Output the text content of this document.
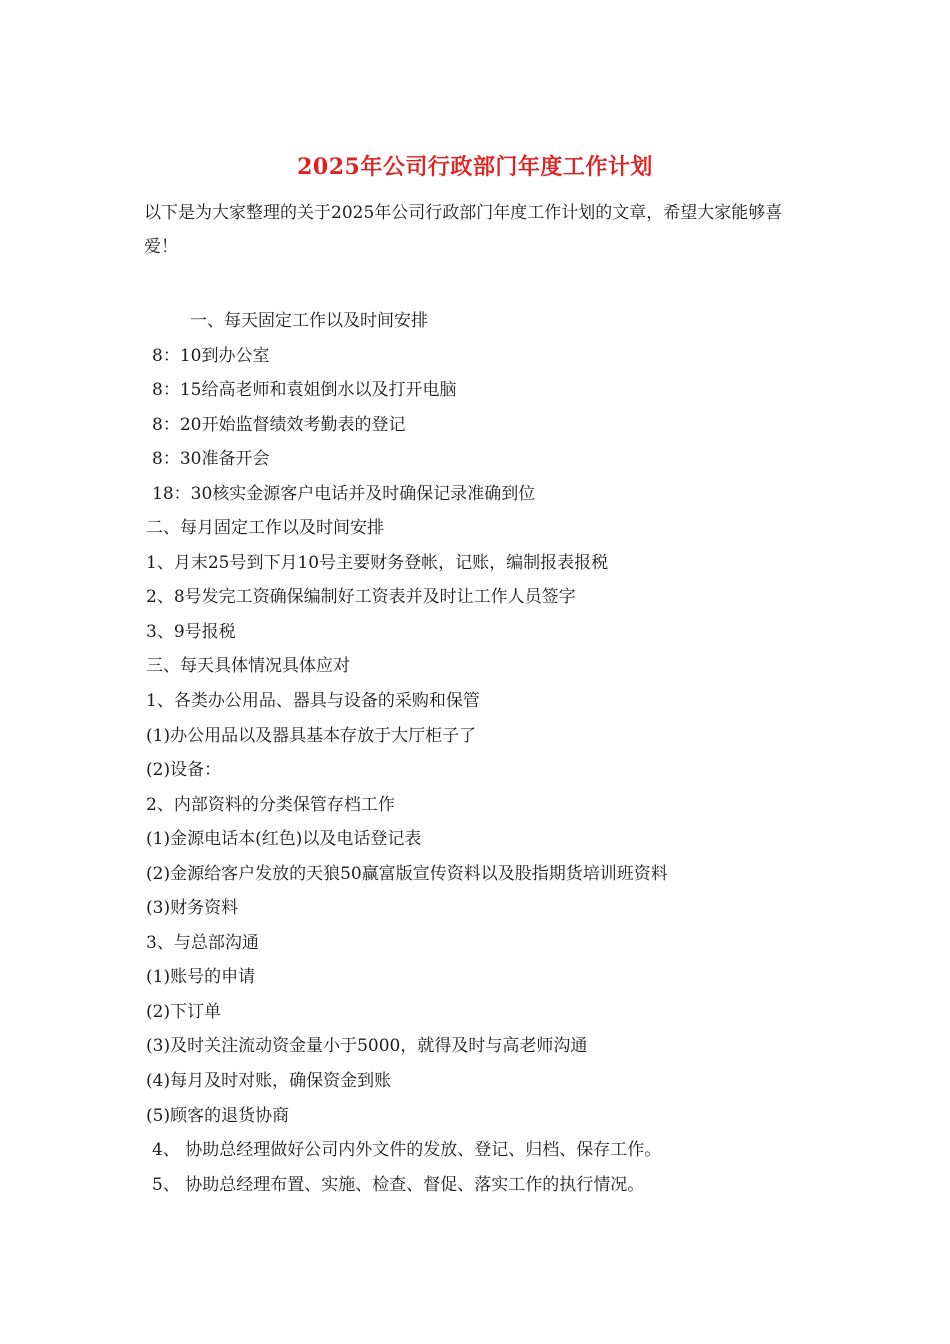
2025年公司行政部门年度工作计划
以下是为大家整理的关于2025年公司行政部门年度工作计划的文章，希望大家能够喜爱！
一、每天固定工作以及时间安排
8：10到办公室
8：15给高老师和袁姐倒水以及打开电脑
8：20开始监督绩效考勤表的登记
8：30准备开会
18：30核实金源客户电话并及时确保记录准确到位
二、每月固定工作以及时间安排
1、月末25号到下月10号主要财务登帐，记账，编制报表报税
2、8号发完工资确保编制好工资表并及时让工作人员签字
3、9号报税
三、每天具体情况具体应对
1、各类办公用品、器具与设备的采购和保管
(1)办公用品以及器具基本存放于大厅柜子了
(2)设备：
2、内部资料的分类保管存档工作
(1)金源电话本(红色)以及电话登记表
(2)金源给客户发放的天狼50赢富版宣传资料以及股指期货培训班资料
(3)财务资料
3、与总部沟通
(1)账号的申请
(2)下订单
(3)及时关注流动资金量小于5000，就得及时与高老师沟通
(4)每月及时对账，确保资金到账
(5)顾客的退货协商
4、 协助总经理做好公司内外文件的发放、登记、归档、保存工作。
5、 协助总经理布置、实施、检查、督促、落实工作的执行情况。
